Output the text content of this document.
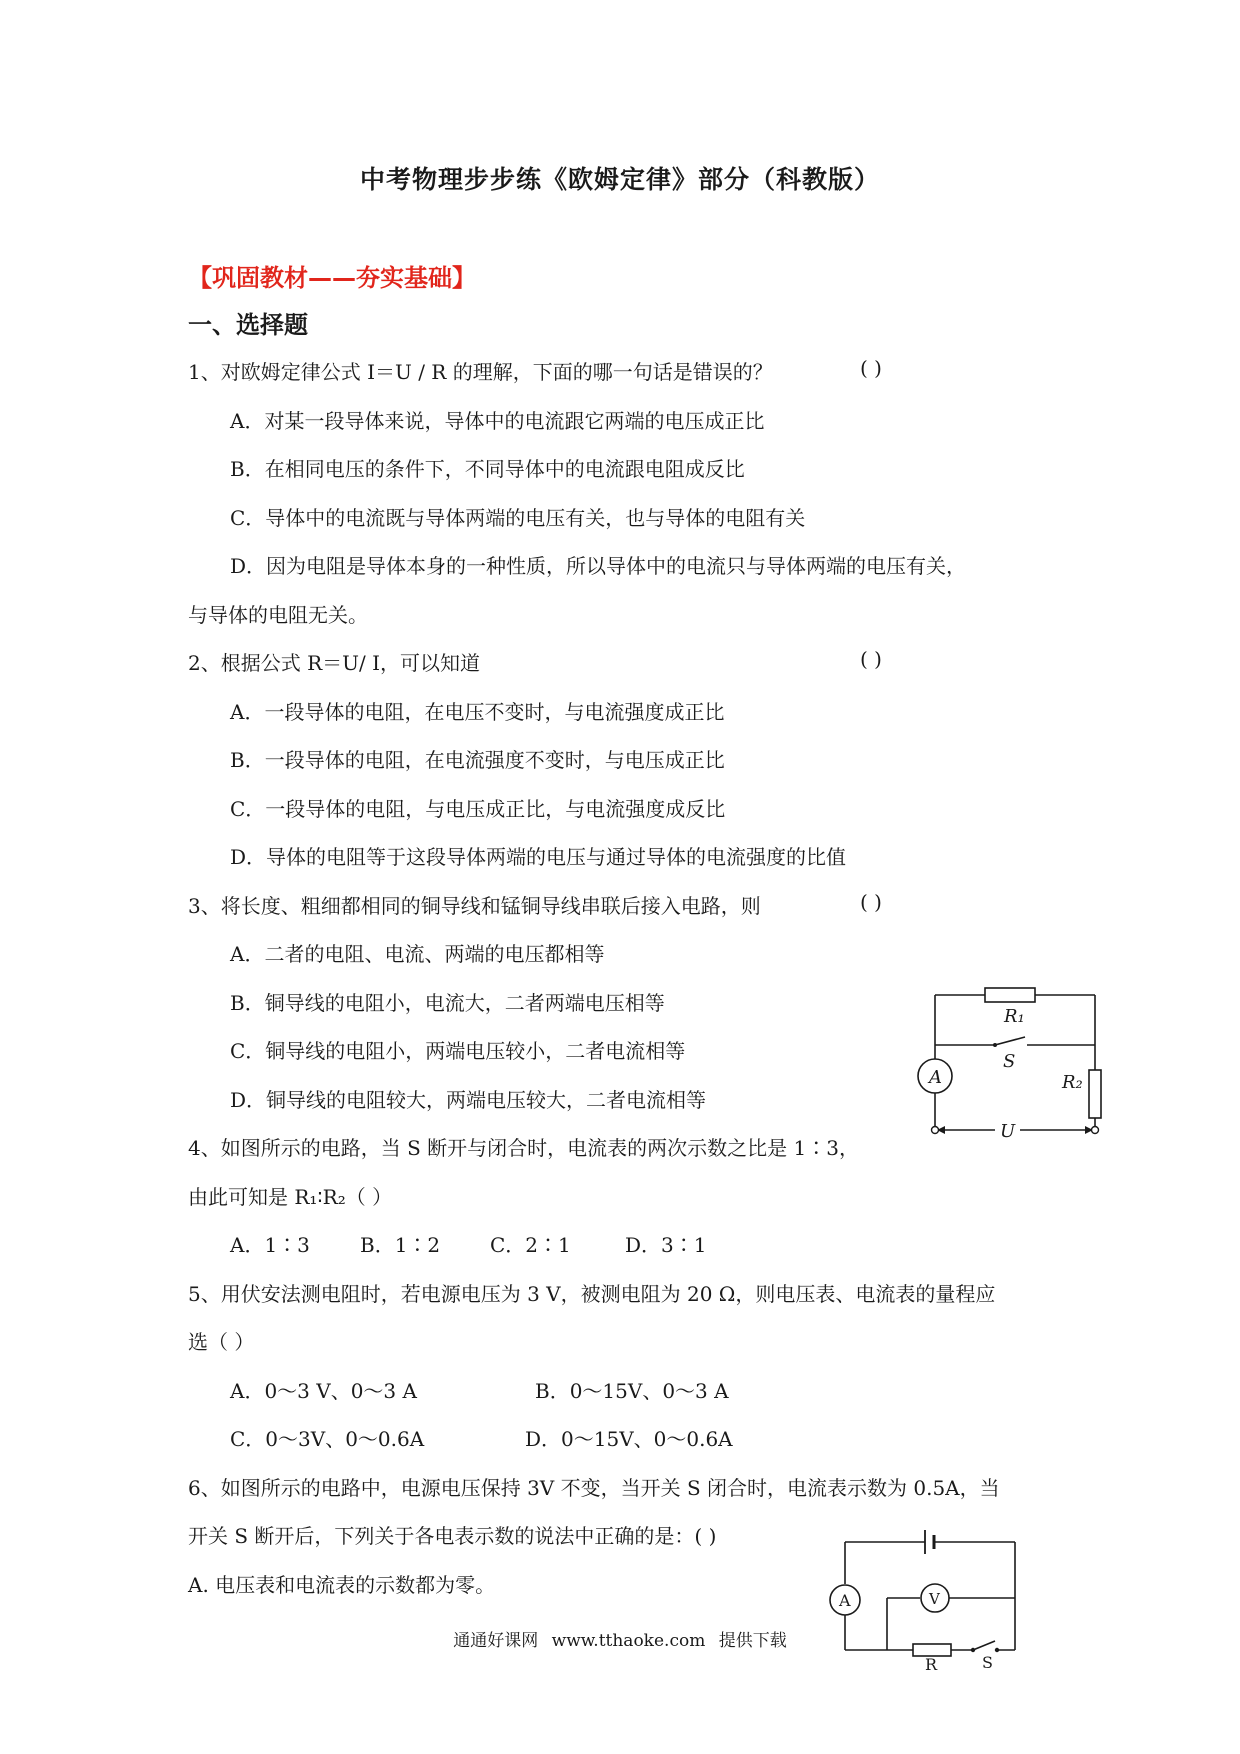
中考物理步步练《欧姆定律》部分（科教版）
【巩固教材——夯实基础】
一、选择题
1、对欧姆定律公式 I＝U / R 的理解，下面的哪一句话是错误的？	( )
A．对某一段导体来说，导体中的电流跟它两端的电压成正比
B．在相同电压的条件下，不同导体中的电流跟电阻成反比
C．导体中的电流既与导体两端的电压有关，也与导体的电阻有关
D．因为电阻是导体本身的一种性质，所以导体中的电流只与导体两端的电压有关，
与导体的电阻无关。
2、根据公式 R＝U/ I，可以知道	( )
A．一段导体的电阻，在电压不变时，与电流强度成正比
B．一段导体的电阻，在电流强度不变时，与电压成正比
C．一段导体的电阻，与电压成正比，与电流强度成反比
D．导体的电阻等于这段导体两端的电压与通过导体的电流强度的比值
3、将长度、粗细都相同的铜导线和锰铜导线串联后接入电路，则	( )
A．二者的电阻、电流、两端的电压都相等
B．铜导线的电阻小，电流大，二者两端电压相等
C．铜导线的电阻小，两端电压较小，二者电流相等
D．铜导线的电阻较大，两端电压较大，二者电流相等
4、如图所示的电路，当 S 断开与闭合时，电流表的两次示数之比是 1∶3，
由此可知是 R₁∶R₂（ ）
A．1∶3	B．1∶2 C．2∶1	D．3∶1
5、用伏安法测电阻时，若电源电压为 3 V，被测电阻为 20 Ω，则电压表、电流表的量程应
选（ ）
A．0～3 V、0～3 A	B．0～15V、0～3 A
C．0～3V、0～0.6A	D．0～15V、0～0.6A
6、如图所示的电路中，电源电压保持 3V 不变，当开关 S 闭合时，电流表示数为 0.5A，当
开关 S 断开后，下列关于各电表示数的说法中正确的是：( )
A. 电压表和电流表的示数都为零。
R₁
S
R₂
A
U
A	V
R	S
通通好课网 www.tthaoke.com 提供下载
